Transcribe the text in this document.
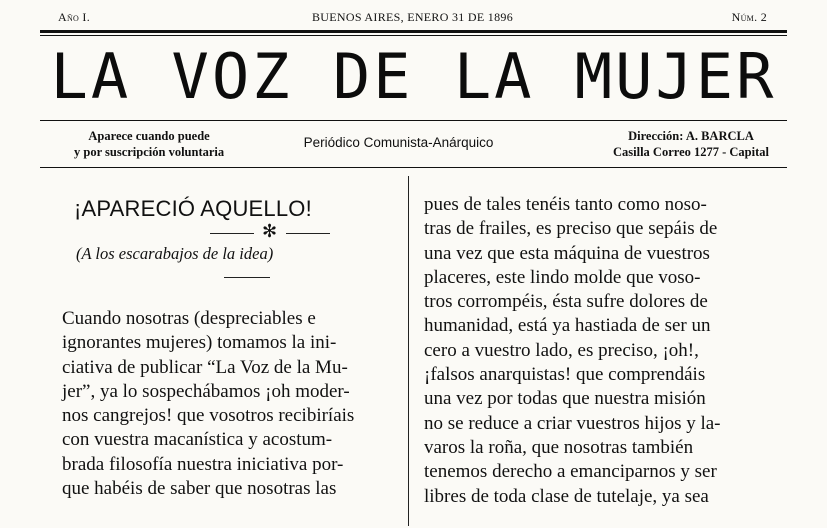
Año I.	BUENOS AIRES, ENERO 31 DE 1896	Núm. 2
LA VOZ DE LA MUJER
Aparece cuando puede
y por suscripción voluntaria
Periódico Comunista-Anárquico	Dirección: A. BARCLA
Casilla Correo 1277 - Capital
¡APARECIÓ AQUELLO!
✻
(A los escarabajos de la idea)

Cuando nosotras (despreciables e
ignorantes mujeres) tomamos la ini-
ciativa de publicar “La Voz de la Mu-
jer”, ya lo sospechábamos ¡oh moder-
nos cangrejos! que vosotros recibiríais
con vuestra macanística y acostum-
brada filosofía nuestra iniciativa por-
que habéis de saber que nosotras las

pues de tales tenéis tanto como noso-
tras de frailes, es preciso que sepáis de
una vez que esta máquina de vuestros
placeres, este lindo molde que voso-
tros corrompéis, ésta sufre dolores de
humanidad, está ya hastiada de ser un
cero a vuestro lado, es preciso, ¡oh!,
¡falsos anarquistas! que comprendáis
una vez por todas que nuestra misión
no se reduce a criar vuestros hijos y la-
varos la roña, que nosotras también
tenemos derecho a emanciparnos y ser
libres de toda clase de tutelaje, ya sea
